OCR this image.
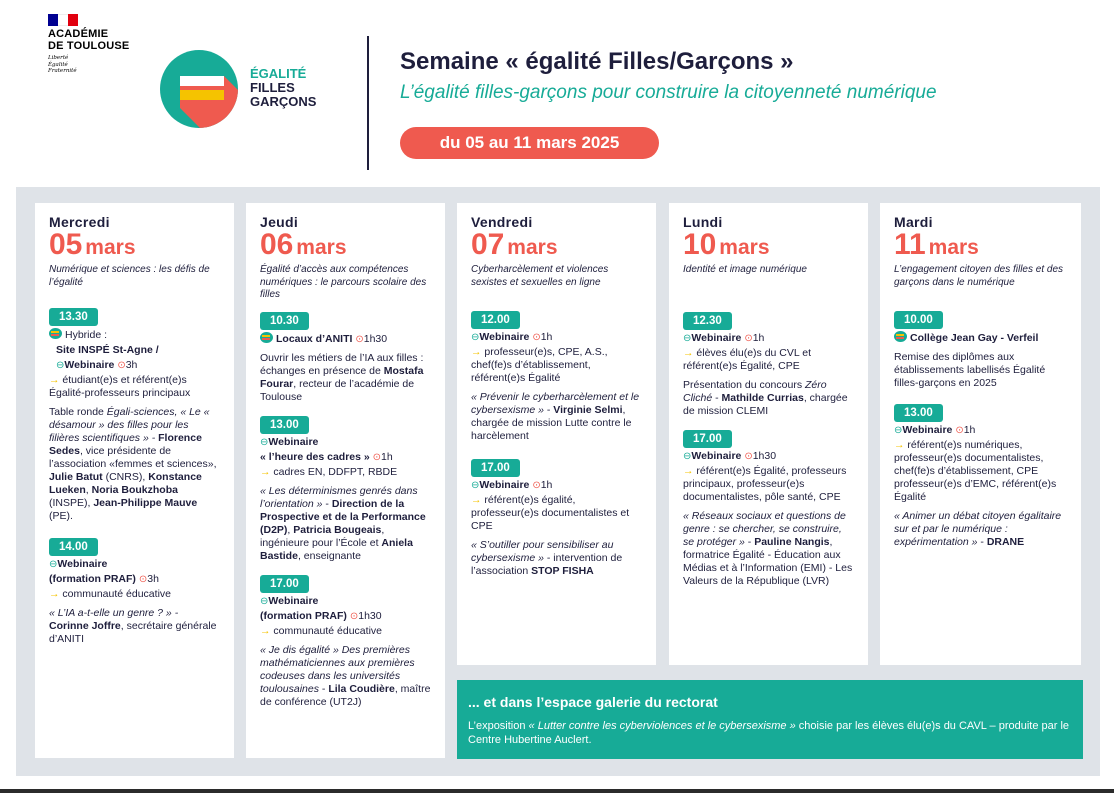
ACADÉMIE
DE TOULOUSE
Liberté
Égalité
Fraternité	ÉGALITÉ
FILLES
GARÇONS
Semaine « égalité Filles/Garçons »
L’égalité filles-garçons pour construire la citoyenneté numérique
du 05 au 11 mars 2025
Mercredi
05 mars
Numérique et sciences : les défis de l’égalité
13.30
Hybride :
Site INSPÉ St-Agne /
⊖Webinaire ⊙3h
→ étudiant(e)s et référent(e)s Égalité-professeurs principaux

Table ronde Égali-sciences, « Le « désamour » des filles pour les filières scientifiques » - Florence Sedes, vice présidente de l’association «femmes et sciences», Julie Batut (CNRS), Konstance Lueken, Noria Boukzhoba (INSPE), Jean-Philippe Mauve (PE).

14.00
⊖Webinaire
(formation PRAF) ⊙3h
→ communauté éducative

« L’IA a-t-elle un genre ? » -
Corinne Joffre, secrétaire générale d’ANITI

Jeudi
06 mars
Égalité d’accès aux compétences numériques : le parcours scolaire des filles
10.30
Locaux d’ANITI ⊙1h30

Ouvrir les métiers de l’IA aux filles : échanges en présence de Mostafa Fourar, recteur de l’académie de Toulouse

13.00
⊖Webinaire
« l’heure des cadres » ⊙1h
→ cadres EN, DDFPT, RBDE

« Les déterminismes genrés dans l’orientation » - Direction de la Prospective et de la Performance (D2P), Patricia Bougeais, ingénieure pour l’École et Aniela Bastide, enseignante

17.00
⊖Webinaire
(formation PRAF) ⊙1h30
→ communauté éducative

« Je dis égalité » Des premières mathématiciennes aux premières codeuses dans les universités toulousaines - Lila Coudière, maître de conférence (UT2J)

Vendredi
07 mars
Cyberharcèlement et violences sexistes et sexuelles en ligne
12.00
⊖Webinaire ⊙1h
→ professeur(e)s, CPE, A.S., chef(fe)s d’établissement, référent(e)s Égalité

« Prévenir le cyberharcèlement et le cybersexisme » - Virginie Selmi, chargée de mission Lutte contre le harcèlement

17.00
⊖Webinaire ⊙1h
→ référent(e)s égalité, professeur(e)s documentalistes et CPE

« S’outiller pour sensibiliser au cybersexisme » - intervention de l’association STOP FISHA

Lundi
10 mars
Identité et image numérique
12.30
⊖Webinaire ⊙1h
→ élèves élu(e)s du CVL et référent(e)s Égalité, CPE

Présentation du concours Zéro Cliché - Mathilde Currias, chargée de mission CLEMI

17.00
⊖Webinaire ⊙1h30
→ référent(e)s Égalité, professeurs principaux, professeur(e)s documentalistes, pôle santé, CPE

« Réseaux sociaux et questions de genre : se chercher, se construire, se protéger » - Pauline Nangis, formatrice Égalité - Éducation aux Médias et à l’Information (EMI) - Les Valeurs de la République (LVR)

Mardi
11 mars
L’engagement citoyen des filles et des garçons dans le numérique
10.00
Collège Jean Gay - Verfeil

Remise des diplômes aux établissements labellisés Égalité filles-garçons en 2025

13.00
⊖Webinaire ⊙1h
→ référent(e)s numériques, professeur(e)s documentalistes, chef(fe)s d’établissement, CPE professeur(e)s d’EMC, référent(e)s Égalité

« Animer un débat citoyen égalitaire sur et par le numérique : expérimentation » - DRANE

... et dans l’espace galerie du rectorat
L’exposition « Lutter contre les cyberviolences et le cybersexisme » choisie par les élèves élu(e)s du CAVL – produite par le Centre Hubertine Auclert.
